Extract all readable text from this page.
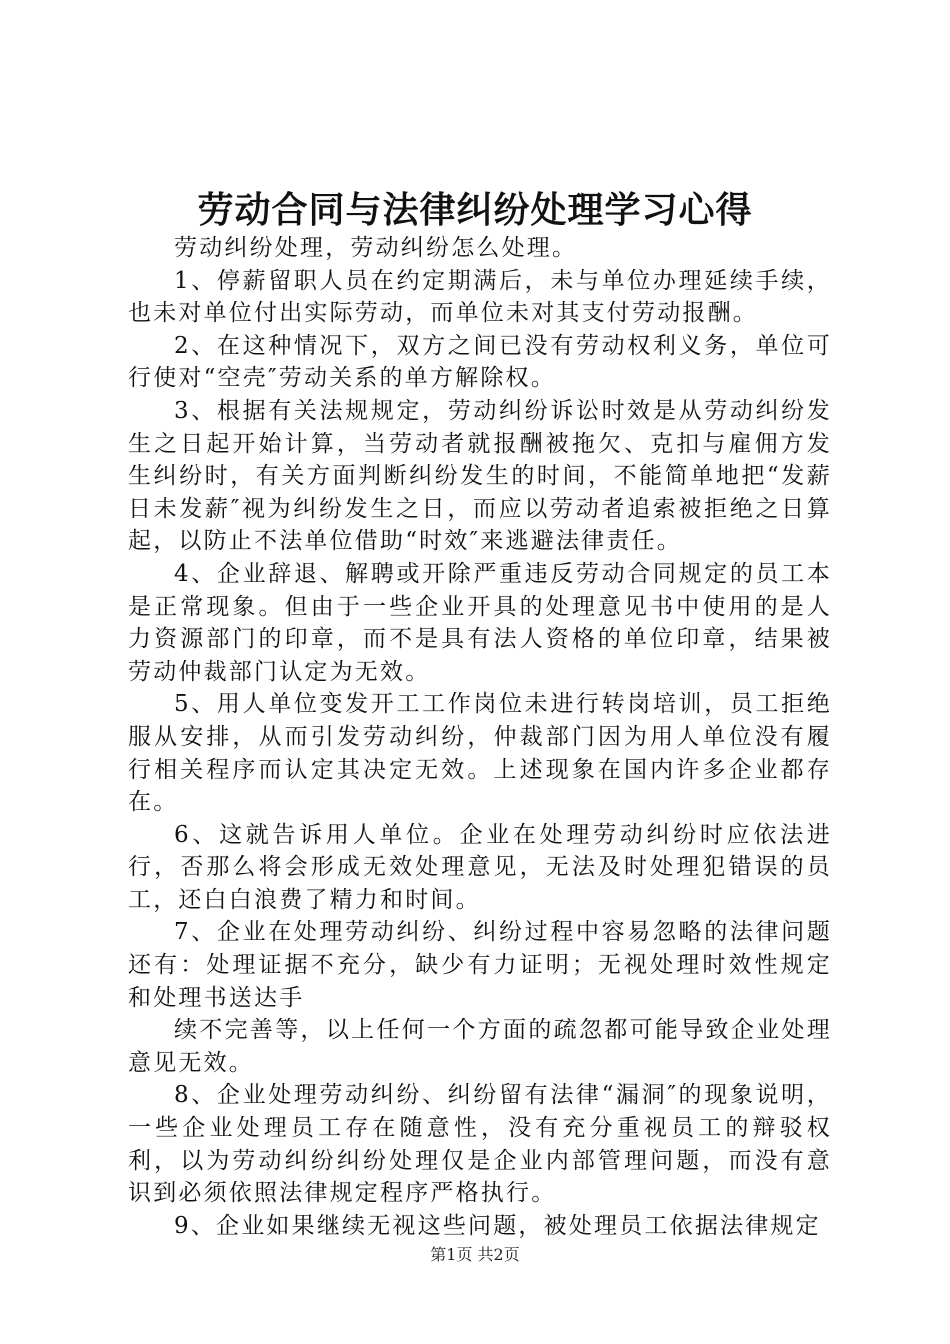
劳动合同与法律纠纷处理学习心得

劳动纠纷处理，劳动纠纷怎么处理。

1、停薪留职人员在约定期满后，未与单位办理延续手续，也未对单位付出实际劳动，而单位未对其支付劳动报酬。

2、在这种情况下，双方之间已没有劳动权利义务，单位可行使对“空壳″劳动关系的单方解除权。

3、根据有关法规规定，劳动纠纷诉讼时效是从劳动纠纷发生之日起开始计算，当劳动者就报酬被拖欠、克扣与雇佣方发生纠纷时，有关方面判断纠纷发生的时间，不能简单地把“发薪日未发薪″视为纠纷发生之日，而应以劳动者追索被拒绝之日算起，以防止不法单位借助“时效″来逃避法律责任。

4、企业辞退、解聘或开除严重违反劳动合同规定的员工本是正常现象。但由于一些企业开具的处理意见书中使用的是人力资源部门的印章，而不是具有法人资格的单位印章，结果被劳动仲裁部门认定为无效。

5、用人单位变发开工工作岗位未进行转岗培训，员工拒绝服从安排，从而引发劳动纠纷，仲裁部门因为用人单位没有履行相关程序而认定其决定无效。上述现象在国内许多企业都存在。

6、这就告诉用人单位。企业在处理劳动纠纷时应依法进行，否那么将会形成无效处理意见，无法及时处理犯错误的员工，还白白浪费了精力和时间。

7、企业在处理劳动纠纷、纠纷过程中容易忽略的法律问题还有：处理证据不充分，缺少有力证明；无视处理时效性规定和处理书送达手

续不完善等，以上任何一个方面的疏忽都可能导致企业处理意见无效。

8、企业处理劳动纠纷、纠纷留有法律“漏洞″的现象说明，一些企业处理员工存在随意性，没有充分重视员工的辩驳权利，以为劳动纠纷纠纷处理仅是企业内部管理问题，而没有意识到必须依照法律规定程序严格执行。

9、企业如果继续无视这些问题，被处理员工依据法律规定

第1页 共2页
